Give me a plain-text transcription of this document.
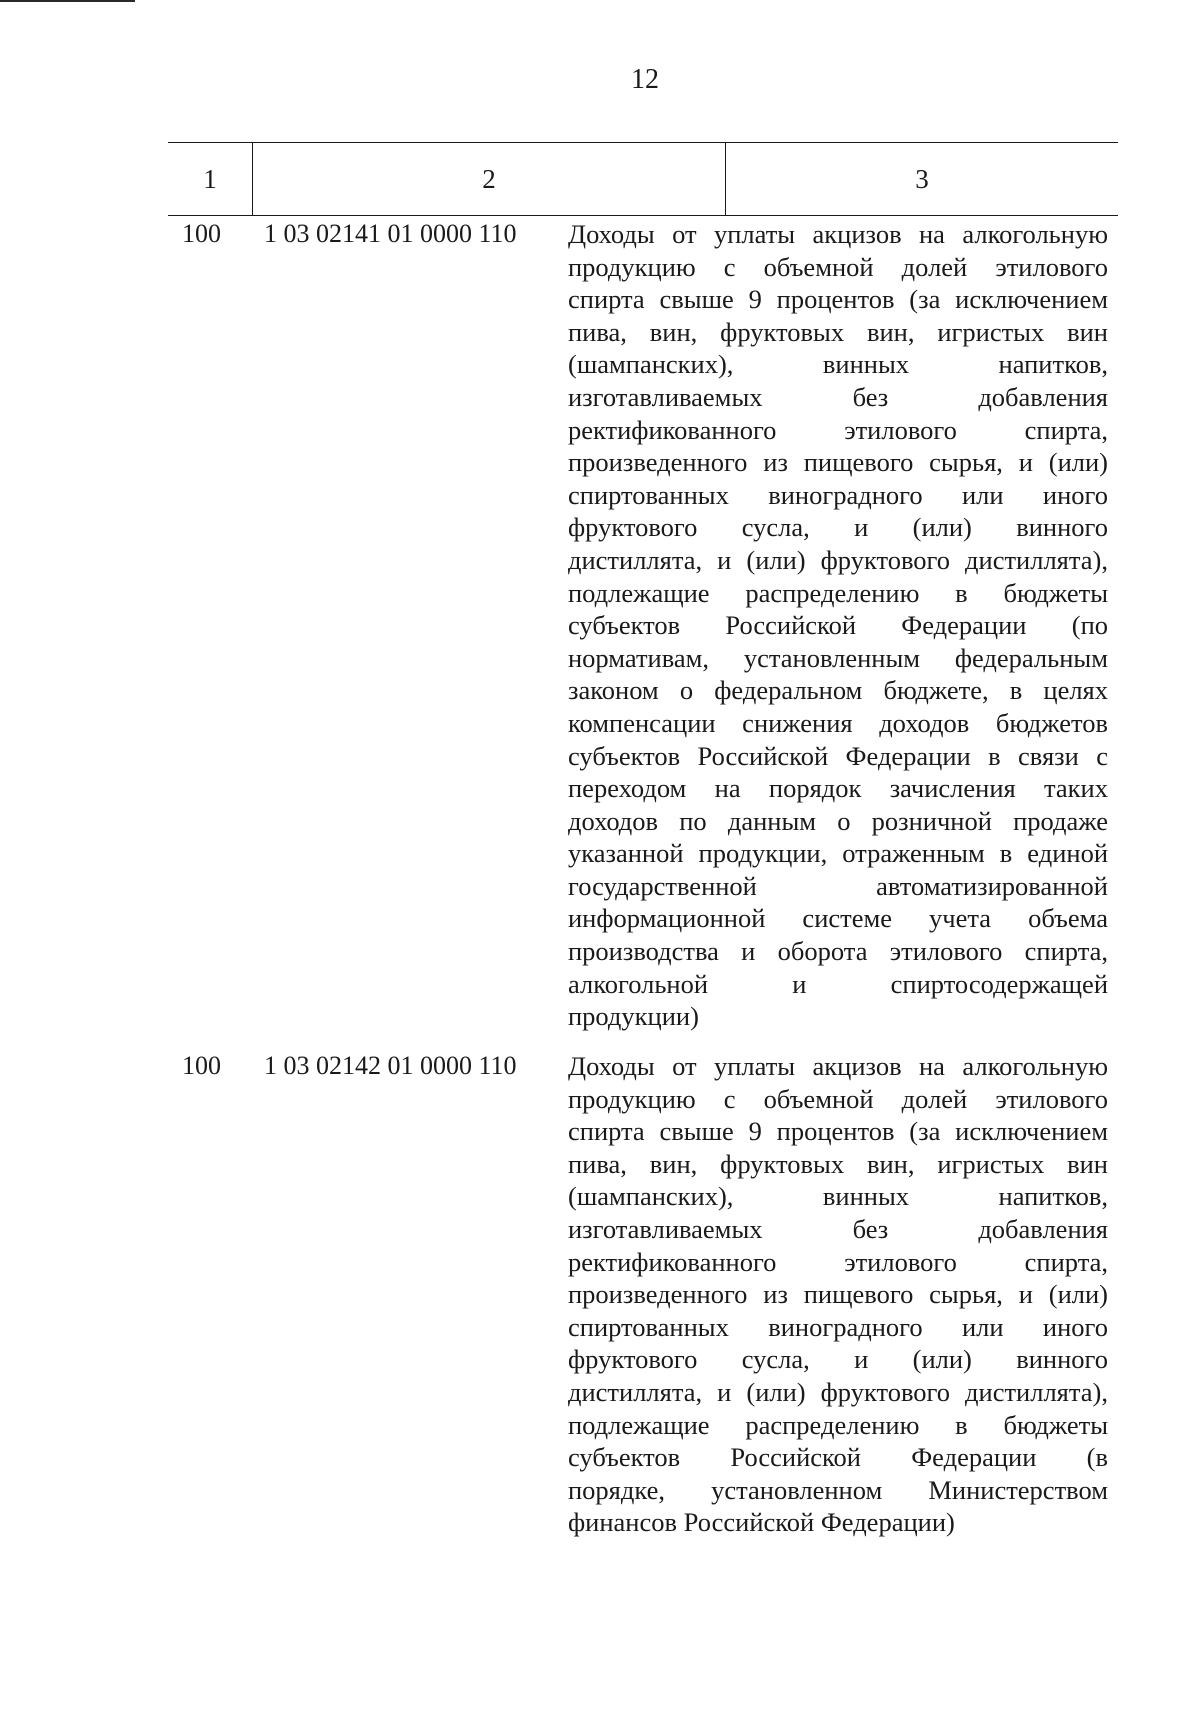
12
1	2	3
100	1 03 02141 01 0000 110	Доходы от уплаты акцизов на алкогольную
продукцию с объемной долей этилового
спирта свыше 9 процентов (за исключением
пива, вин, фруктовых вин, игристых вин
(шампанских), винных напитков,
изготавливаемых без добавления
ректификованного этилового спирта,
произведенного из пищевого сырья, и (или)
спиртованных виноградного или иного
фруктового сусла, и (или) винного
дистиллята, и (или) фруктового дистиллята),
подлежащие распределению в бюджеты
субъектов Российской Федерации (по
нормативам, установленным федеральным
законом о федеральном бюджете, в целях
компенсации снижения доходов бюджетов
субъектов Российской Федерации в связи с
переходом на порядок зачисления таких
доходов по данным о розничной продаже
указанной продукции, отраженным в единой
государственной автоматизированной
информационной системе учета объема
производства и оборота этилового спирта,
алкогольной и спиртосодержащей
продукции)
100	1 03 02142 01 0000 110	Доходы от уплаты акцизов на алкогольную
продукцию с объемной долей этилового
спирта свыше 9 процентов (за исключением
пива, вин, фруктовых вин, игристых вин
(шампанских), винных напитков,
изготавливаемых без добавления
ректификованного этилового спирта,
произведенного из пищевого сырья, и (или)
спиртованных виноградного или иного
фруктового сусла, и (или) винного
дистиллята, и (или) фруктового дистиллята),
подлежащие распределению в бюджеты
субъектов Российской Федерации (в
порядке, установленном Министерством
финансов Российской Федерации)
